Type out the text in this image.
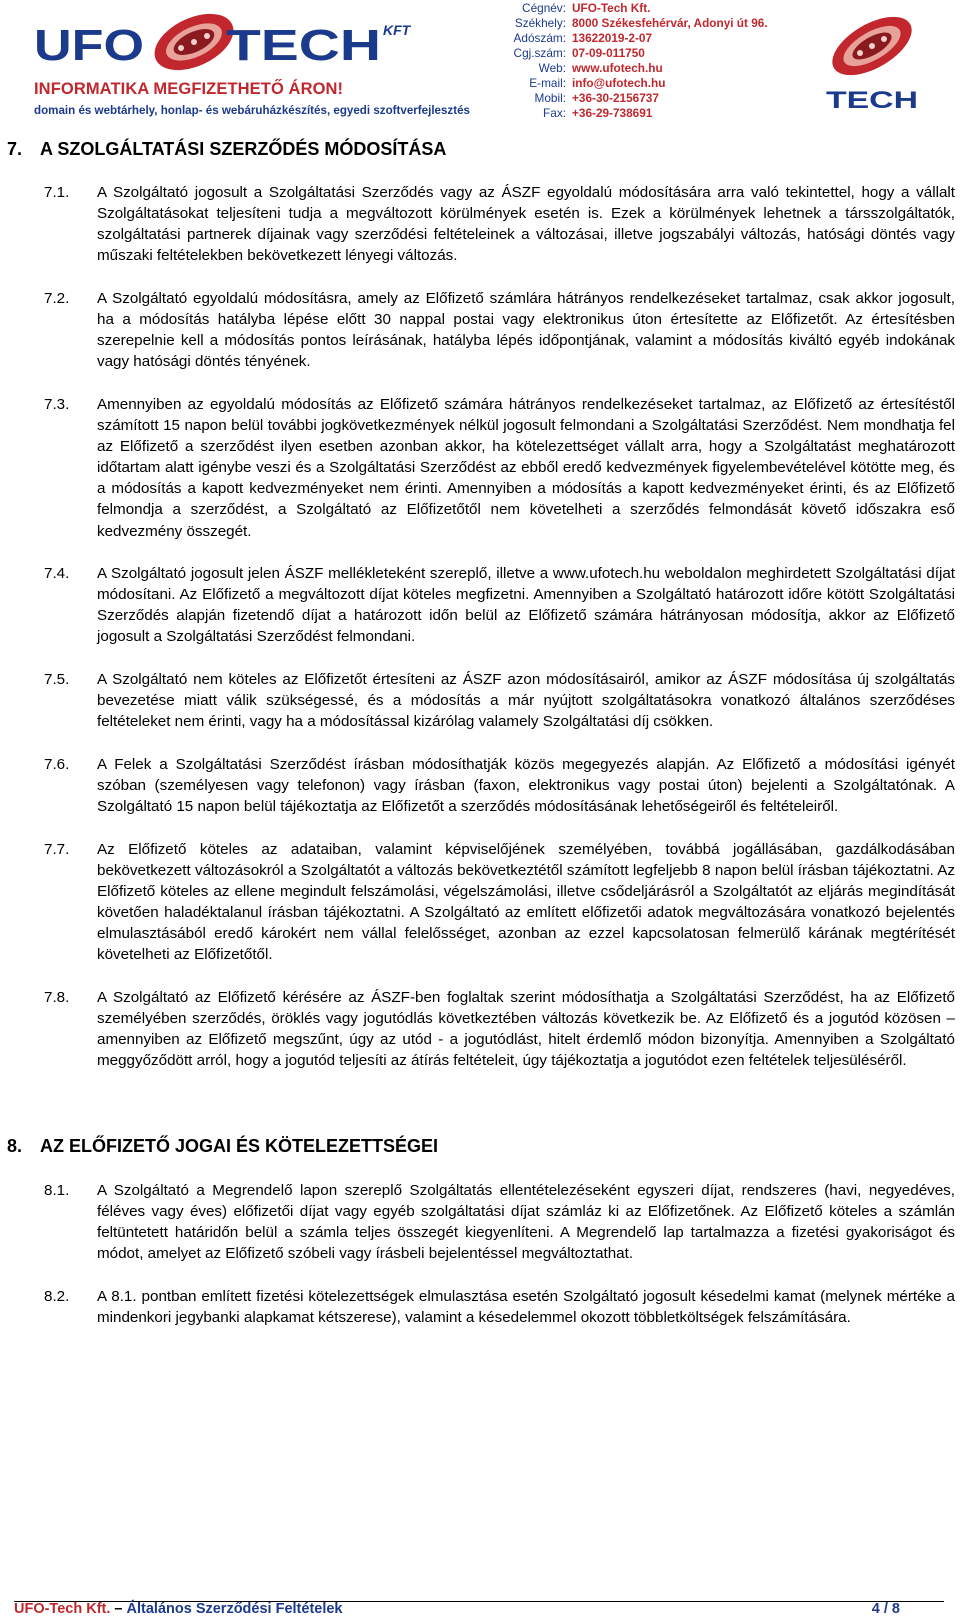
UFO TECH KFT
INFORMATIKA MEGFIZETHETŐ ÁRON!
domain és webtárhely, honlap- és webáruházkészítés, egyedi szoftverfejlesztés
Cégnév: UFO-Tech Kft.
Székhely: 8000 Székesfehérvár, Adonyi út 96.
Adószám: 13622019-2-07
Cgj.szám: 07-09-011750
Web: www.ufotech.hu
E-mail: info@ufotech.hu
Mobil: +36-30-2156737
Fax: +36-29-738691	TECH
7. A SZOLGÁLTATÁSI SZERZŐDÉS MÓDOSÍTÁSA
7.1. A Szolgáltató jogosult a Szolgáltatási Szerződés vagy az ÁSZF egyoldalú módosítására arra való tekintettel, hogy a vállalt Szolgáltatásokat teljesíteni tudja a megváltozott körülmények esetén is. Ezek a körülmények lehetnek a társszolgáltatók, szolgáltatási partnerek díjainak vagy szerződési feltételeinek a változásai, illetve jogszabályi változás, hatósági döntés vagy műszaki feltételekben bekövetkezett lényegi változás.
7.2. A Szolgáltató egyoldalú módosításra, amely az Előfizető számlára hátrányos rendelkezéseket tartalmaz, csak akkor jogosult, ha a módosítás hatályba lépése előtt 30 nappal postai vagy elektronikus úton értesítette az Előfizetőt. Az értesítésben szerepelnie kell a módosítás pontos leírásának, hatályba lépés időpontjának, valamint a módosítás kiváltó egyéb indokának vagy hatósági döntés tényének.
7.3. Amennyiben az egyoldalú módosítás az Előfizető számára hátrányos rendelkezéseket tartalmaz, az Előfizető az értesítéstől számított 15 napon belül további jogkövetkezmények nélkül jogosult felmondani a Szolgáltatási Szerződést. Nem mondhatja fel az Előfizető a szerződést ilyen esetben azonban akkor, ha kötelezettséget vállalt arra, hogy a Szolgáltatást meghatározott időtartam alatt igénybe veszi és a Szolgáltatási Szerződést az ebből eredő kedvezmények figyelembevételével kötötte meg, és a módosítás a kapott kedvezményeket nem érinti. Amennyiben a módosítás a kapott kedvezményeket érinti, és az Előfizető felmondja a szerződést, a Szolgáltató az Előfizetőtől nem követelheti a szerződés felmondását követő időszakra eső kedvezmény összegét.
7.4. A Szolgáltató jogosult jelen ÁSZF mellékleteként szereplő, illetve a www.ufotech.hu weboldalon meghirdetett Szolgáltatási díjat módosítani. Az Előfizető a megváltozott díjat köteles megfizetni. Amennyiben a Szolgáltató határozott időre kötött Szolgáltatási Szerződés alapján fizetendő díjat a határozott időn belül az Előfizető számára hátrányosan módosítja, akkor az Előfizető jogosult a Szolgáltatási Szerződést felmondani.
7.5. A Szolgáltató nem köteles az Előfizetőt értesíteni az ÁSZF azon módosításairól, amikor az ÁSZF módosítása új szolgáltatás bevezetése miatt válik szükségessé, és a módosítás a már nyújtott szolgáltatásokra vonatkozó általános szerződéses feltételeket nem érinti, vagy ha a módosítással kizárólag valamely Szolgáltatási díj csökken.
7.6. A Felek a Szolgáltatási Szerződést írásban módosíthatják közös megegyezés alapján. Az Előfizető a módosítási igényét szóban (személyesen vagy telefonon) vagy írásban (faxon, elektronikus vagy postai úton) bejelenti a Szolgáltatónak. A Szolgáltató 15 napon belül tájékoztatja az Előfizetőt a szerződés módosításának lehetőségeiről és feltételeiről.
7.7. Az Előfizető köteles az adataiban, valamint képviselőjének személyében, továbbá jogállásában, gazdálkodásában bekövetkezett változásokról a Szolgáltatót a változás bekövetkeztétől számított legfeljebb 8 napon belül írásban tájékoztatni. Az Előfizető köteles az ellene megindult felszámolási, végelszámolási, illetve csődeljárásról a Szolgáltatót az eljárás megindítását követően haladéktalanul írásban tájékoztatni. A Szolgáltató az említett előfizetői adatok megváltozására vonatkozó bejelentés elmulasztásából eredő károkért nem vállal felelősséget, azonban az ezzel kapcsolatosan felmerülő kárának megtérítését követelheti az Előfizetőtől.
7.8. A Szolgáltató az Előfizető kérésére az ÁSZF-ben foglaltak szerint módosíthatja a Szolgáltatási Szerződést, ha az Előfizető személyében szerződés, öröklés vagy jogutódlás következtében változás következik be. Az Előfizető és a jogutód közösen – amennyiben az Előfizető megszűnt, úgy az utód - a jogutódlást, hitelt érdemlő módon bizonyítja. Amennyiben a Szolgáltató meggyőződött arról, hogy a jogutód teljesíti az átírás feltételeit, úgy tájékoztatja a jogutódot ezen feltételek teljesüléséről.
8. AZ ELŐFIZETŐ JOGAI ÉS KÖTELEZETTSÉGEI
8.1. A Szolgáltató a Megrendelő lapon szereplő Szolgáltatás ellentételezéseként egyszeri díjat, rendszeres (havi, negyedéves, féléves vagy éves) előfizetői díjat vagy egyéb szolgáltatási díjat számláz ki az Előfizetőnek. Az Előfizető köteles a számlán feltüntetett határidőn belül a számla teljes összegét kiegyenlíteni. A Megrendelő lap tartalmazza a fizetési gyakoriságot és módot, amelyet az Előfizető szóbeli vagy írásbeli bejelentéssel megváltoztathat.
8.2. A 8.1. pontban említett fizetési kötelezettségek elmulasztása esetén Szolgáltató jogosult késedelmi kamat (melynek mértéke a mindenkori jegybanki alapkamat kétszerese), valamint a késedelemmel okozott többletköltségek felszámítására.
UFO-Tech Kft. – Általános Szerződési Feltételek	4 / 8
